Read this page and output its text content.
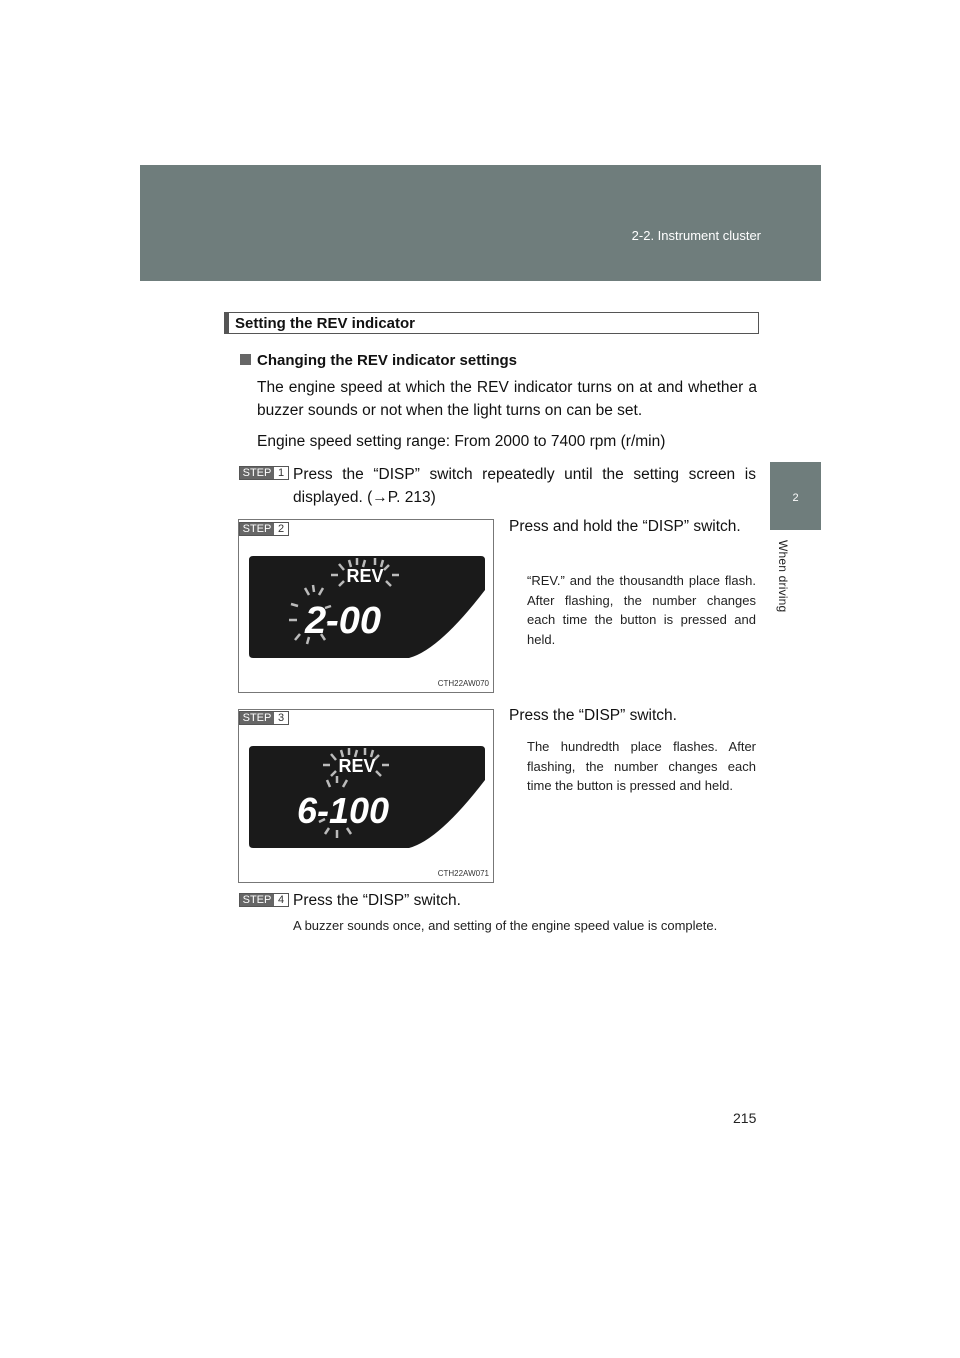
2-2. Instrument cluster
2
When driving
Setting the REV indicator
Changing the REV indicator settings
The engine speed at which the REV indicator turns on at and whether a buzzer sounds or not when the light turns on can be set.
Engine speed setting range: From 2000 to 7400 rpm (r/min)
STEP 1 Press the “DISP” switch repeatedly until the setting screen is displayed. (→P. 213)
REV
2-00
CTH22AW070
STEP 2	Press and hold the “DISP” switch.
“REV.” and the thousandth place flash. After flashing, the number changes each time the button is pressed and held.
REV
6-100
CTH22AW071
STEP 3	Press the “DISP” switch.
The hundredth place flashes. After flashing, the number changes each time the button is pressed and held.
STEP 4 Press the “DISP” switch.
A buzzer sounds once, and setting of the engine speed value is complete.
215
